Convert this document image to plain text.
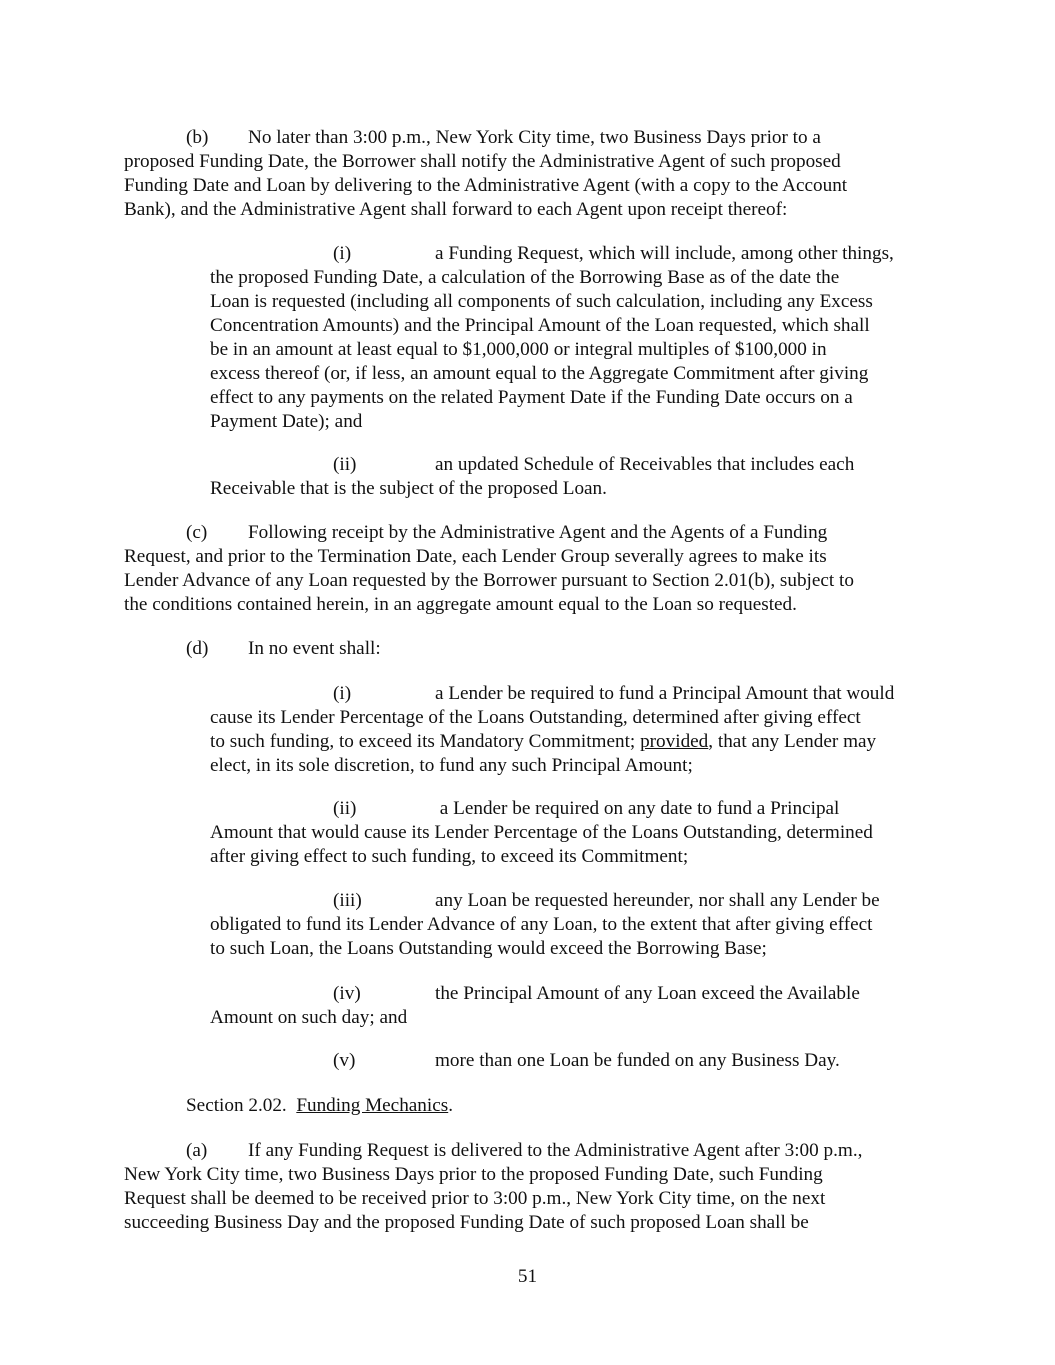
(b) No later than 3:00 p.m., New York City time, two Business Days prior to a
proposed Funding Date, the Borrower shall notify the Administrative Agent of such proposed
Funding Date and Loan by delivering to the Administrative Agent (with a copy to the Account
Bank), and the Administrative Agent shall forward to each Agent upon receipt thereof:
(i)	a Funding Request, which will include, among other things,
the proposed Funding Date, a calculation of the Borrowing Base as of the date the
Loan is requested (including all components of such calculation, including any Excess
Concentration Amounts) and the Principal Amount of the Loan requested, which shall
be in an amount at least equal to $1,000,000 or integral multiples of $100,000 in
excess thereof (or, if less, an amount equal to the Aggregate Commitment after giving
effect to any payments on the related Payment Date if the Funding Date occurs on a
Payment Date); and
(ii)	an updated Schedule of Receivables that includes each
Receivable that is the subject of the proposed Loan.
(c) Following receipt by the Administrative Agent and the Agents of a Funding
Request, and prior to the Termination Date, each Lender Group severally agrees to make its
Lender Advance of any Loan requested by the Borrower pursuant to Section 2.01(b), subject to
the conditions contained herein, in an aggregate amount equal to the Loan so requested.
(d) In no event shall:
(i)	a Lender be required to fund a Principal Amount that would
cause its Lender Percentage of the Loans Outstanding, determined after giving effect
to such funding, to exceed its Mandatory Commitment; provided, that any Lender may
elect, in its sole discretion, to fund any such Principal Amount;
(ii)	a Lender be required on any date to fund a Principal
Amount that would cause its Lender Percentage of the Loans Outstanding, determined
after giving effect to such funding, to exceed its Commitment;
(iii)	any Loan be requested hereunder, nor shall any Lender be
obligated to fund its Lender Advance of any Loan, to the extent that after giving effect
to such Loan, the Loans Outstanding would exceed the Borrowing Base;
(iv)	the Principal Amount of any Loan exceed the Available
Amount on such day; and
(v)	more than one Loan be funded on any Business Day.
Section 2.02. Funding Mechanics.
(a) If any Funding Request is delivered to the Administrative Agent after 3:00 p.m.,
New York City time, two Business Days prior to the proposed Funding Date, such Funding
Request shall be deemed to be received prior to 3:00 p.m., New York City time, on the next
succeeding Business Day and the proposed Funding Date of such proposed Loan shall be
51
